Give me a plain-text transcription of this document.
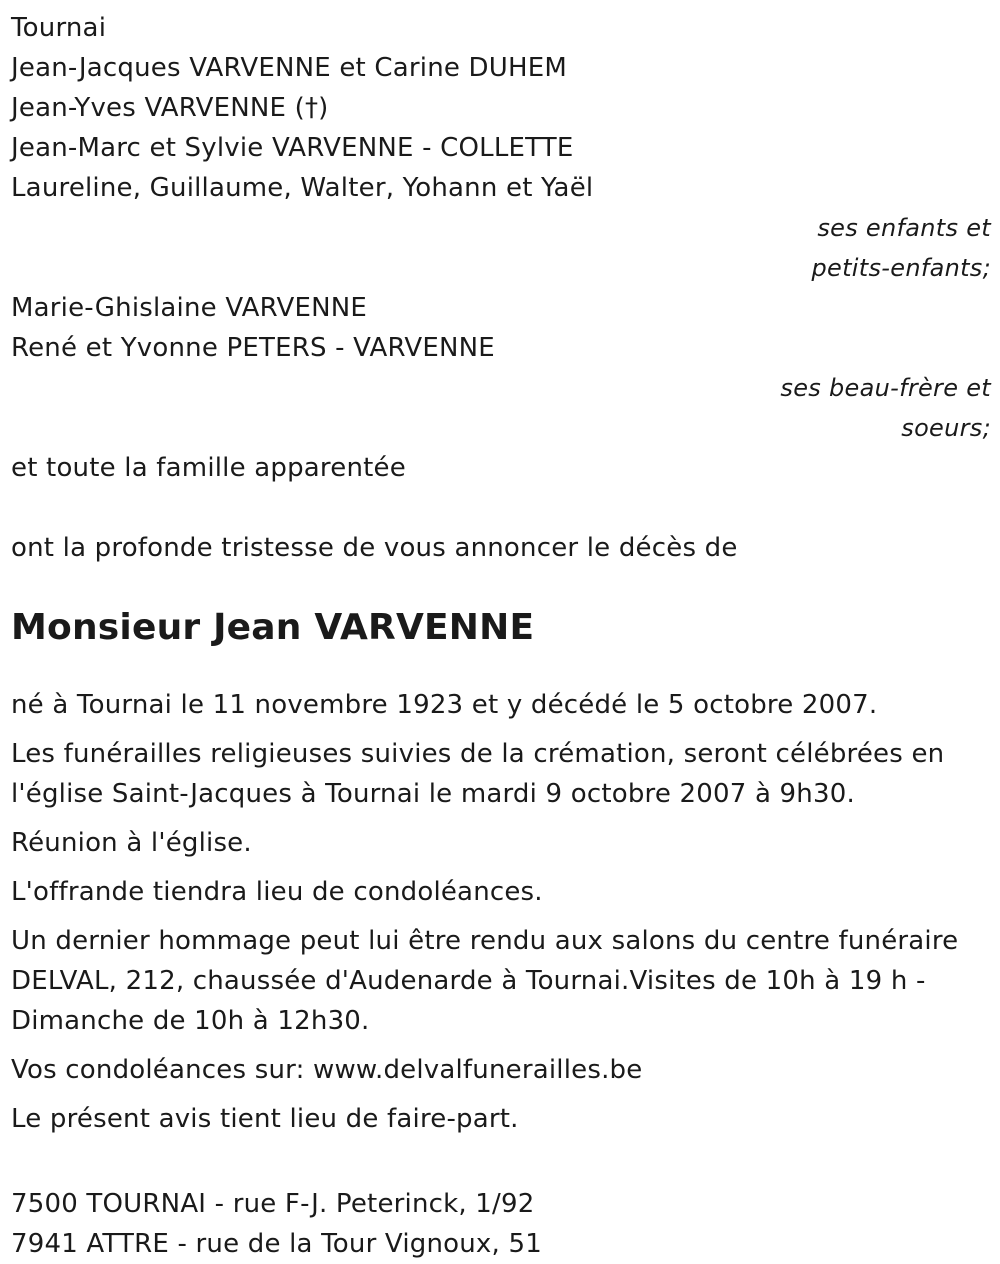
Tournai
Jean-Jacques VARVENNE et Carine DUHEM
Jean-Yves VARVENNE (†)
Jean-Marc et Sylvie VARVENNE - COLLETTE
Laureline, Guillaume, Walter, Yohann et Yaël
ses enfants et
petits-enfants;
Marie-Ghislaine VARVENNE
René et Yvonne PETERS - VARVENNE
ses beau-frère et
soeurs;
et toute la famille apparentée
ont la profonde tristesse de vous annoncer le décès de
Monsieur Jean VARVENNE
né à Tournai le 11 novembre 1923 et y décédé le 5 octobre 2007.
Les funérailles religieuses suivies de la crémation, seront célébrées en
l'église Saint-Jacques à Tournai le mardi 9 octobre 2007 à 9h30.
Réunion à l'église.
L'offrande tiendra lieu de condoléances.
Un dernier hommage peut lui être rendu aux salons du centre funéraire
DELVAL, 212, chaussée d'Audenarde à Tournai.Visites de 10h à 19 h -
Dimanche de 10h à 12h30.
Vos condoléances sur: www.delvalfunerailles.be
Le présent avis tient lieu de faire-part.
7500 TOURNAI - rue F-J. Peterinck, 1/92
7941 ATTRE - rue de la Tour Vignoux, 51
